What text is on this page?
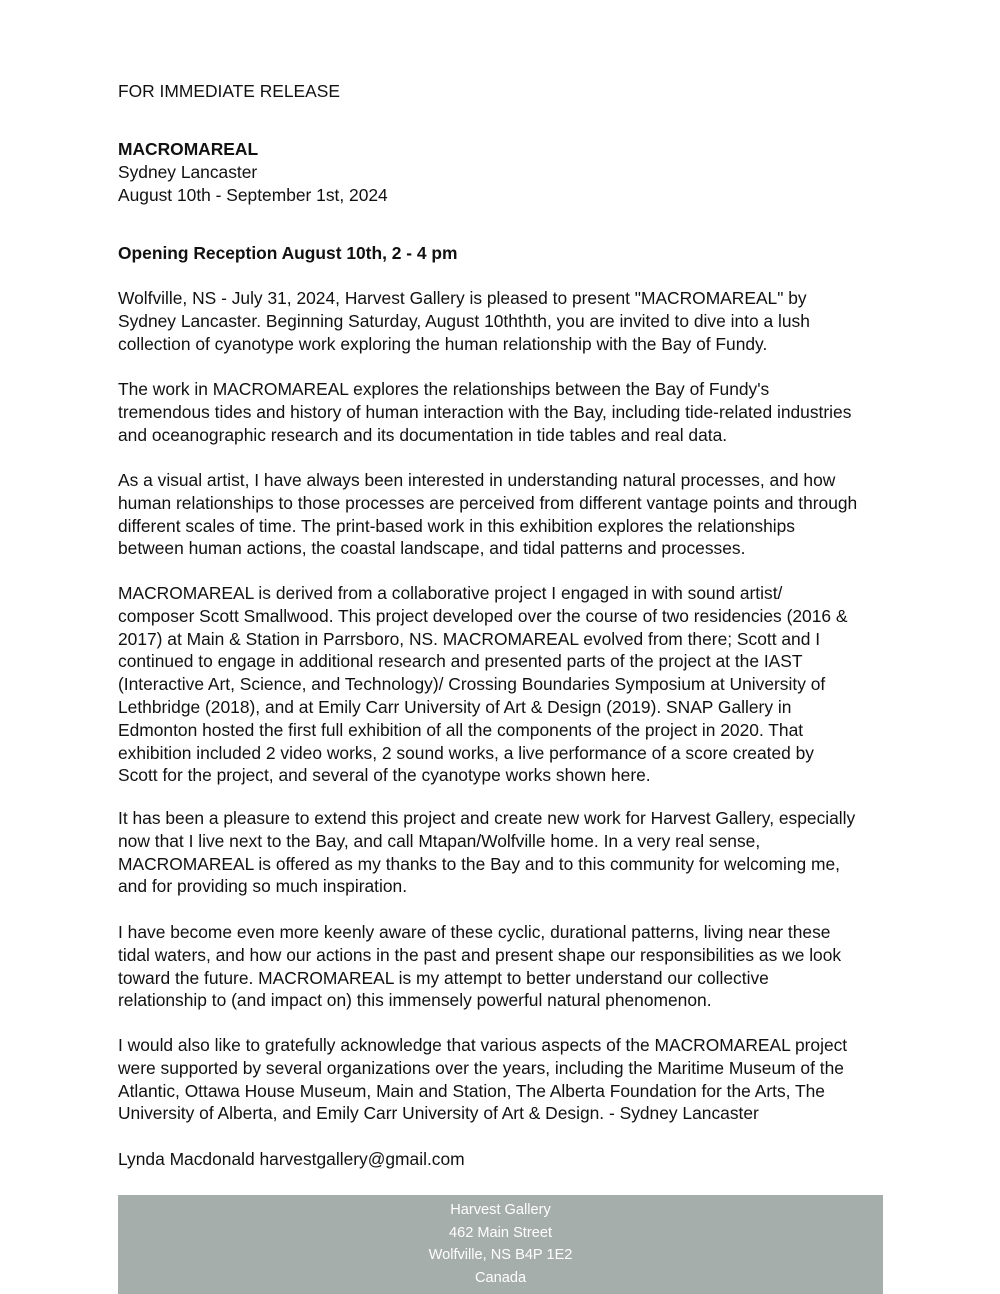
FOR IMMEDIATE RELEASE
MACROMAREAL
Sydney Lancaster
August 10th - September 1st, 2024
Opening Reception August 10th, 2 - 4 pm
Wolfville, NS - July 31, 2024, Harvest Gallery is pleased to present "MACROMAREAL" by
Sydney Lancaster. Beginning Saturday, August 10ththth, you are invited to dive into a lush
collection of cyanotype work exploring the human relationship with the Bay of Fundy.
The work in MACROMAREAL explores the relationships between the Bay of Fundy's
tremendous tides and history of human interaction with the Bay, including tide-related industries
and oceanographic research and its documentation in tide tables and real data.
As a visual artist, I have always been interested in understanding natural processes, and how
human relationships to those processes are perceived from different vantage points and through
different scales of time. The print-based work in this exhibition explores the relationships
between human actions, the coastal landscape, and tidal patterns and processes.
MACROMAREAL is derived from a collaborative project I engaged in with sound artist/
composer Scott Smallwood. This project developed over the course of two residencies (2016 &
2017) at Main & Station in Parrsboro, NS. MACROMAREAL evolved from there; Scott and I
continued to engage in additional research and presented parts of the project at the IAST
(Interactive Art, Science, and Technology)/ Crossing Boundaries Symposium at University of
Lethbridge (2018), and at Emily Carr University of Art & Design (2019). SNAP Gallery in
Edmonton hosted the first full exhibition of all the components of the project in 2020. That
exhibition included 2 video works, 2 sound works, a live performance of a score created by
Scott for the project, and several of the cyanotype works shown here.
It has been a pleasure to extend this project and create new work for Harvest Gallery, especially
now that I live next to the Bay, and call Mtapan/Wolfville home. In a very real sense,
MACROMAREAL is offered as my thanks to the Bay and to this community for welcoming me,
and for providing so much inspiration.
I have become even more keenly aware of these cyclic, durational patterns, living near these
tidal waters, and how our actions in the past and present shape our responsibilities as we look
toward the future. MACROMAREAL is my attempt to better understand our collective
relationship to (and impact on) this immensely powerful natural phenomenon.
I would also like to gratefully acknowledge that various aspects of the MACROMAREAL project
were supported by several organizations over the years, including the Maritime Museum of the
Atlantic, Ottawa House Museum, Main and Station, The Alberta Foundation for the Arts, The
University of Alberta, and Emily Carr University of Art & Design. - Sydney Lancaster
Lynda Macdonald harvestgallery@gmail.com
Harvest Gallery
462 Main Street
Wolfville, NS B4P 1E2
Canada
